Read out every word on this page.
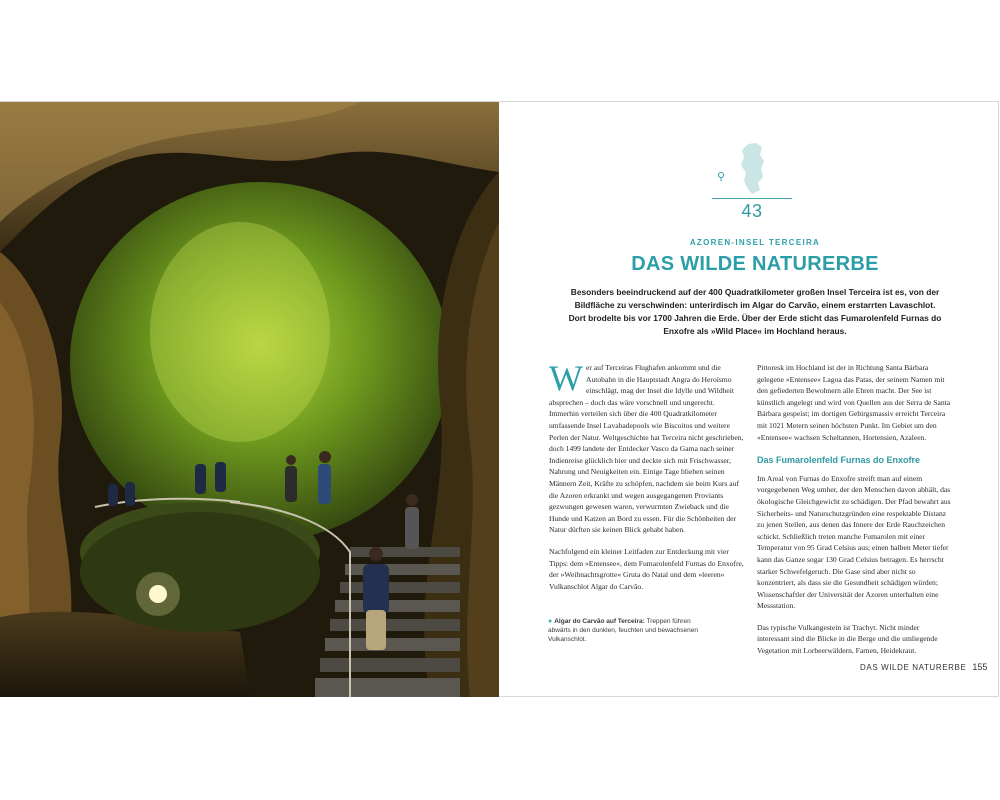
● Algar do Carvão auf Terceira: Treppen führen abwärts in den dunklen, feuchten und bewachsenen Vulkanschlot.
⚲
43
AZOREN-INSEL TERCEIRA
DAS WILDE NATURERBE
Besonders beeindruckend auf der 400 Quadratkilometer großen Insel Terceira ist es, von der Bildfläche zu verschwinden: unterirdisch im Algar do Carvão, einem erstarrten Lavaschlot. Dort brodelte bis vor 1700 Jahren die Erde. Über der Erde sticht das Fumarolenfeld Furnas do Enxofre als »Wild Place« im Hochland heraus.

Wer auf Terceiras Flughafen ankommt und die Autobahn in die Hauptstadt Angra do Heroísmo einschlägt, mag der Insel die Idylle und Wildheit absprechen – doch das wäre vorschnell und ungerecht. Immerhin verteilen sich über die 400 Quadratkilometer umfassende Insel Lavabadepools wie Biscoitos und weitere Perlen der Natur. Weltgeschichte hat Terceira nicht geschrieben, doch 1499 landete der Entdecker Vasco da Gama nach seiner Indienreise glücklich hier und deckte sich mit Frischwasser, Nahrung und Neuigkeiten ein. Einige Tage blieben seinen Männern Zeit, Kräfte zu schöpfen, nachdem sie beim Kurs auf die Azoren erkrankt und wegen ausgegangenen Proviants gezwungen gewesen waren, verwurmten Zwieback und die Hunde und Katzen an Bord zu essen. Für die Schönheiten der Natur dürften sie keinen Blick gehabt haben.

Nachfolgend ein kleiner Leitfaden zur Entdeckung mit vier Tipps: dem »Entensee«, dem Fumarolenfeld Furnas do Enxofre, der »Weihnachtsgrotte« Gruta do Natal und dem »leeren« Vulkanschlot Algar do Carvão.

Pittoresk im Hochland ist der in Richtung Santa Bárbara gelegene »Entensee« Lagoa das Patas, der seinem Namen mit den gefiederten Bewohnern alle Ehren macht. Der See ist künstlich angelegt und wird von Quellen aus der Serra de Santa Bárbara gespeist; im dortigen Gebirgsmassiv erreicht Terceira mit 1021 Metern seinen höchsten Punkt. Im Gebiet um den »Entensee« wachsen Scheltannen, Hortensien, Azaleen.

Das Fumarolenfeld Furnas do Enxofre

Im Areal von Furnas do Enxofre streift man auf einem vorgegebenen Weg umher, der den Menschen davon abhält, das ökologische Gleichgewicht zu schädigen. Der Pfad bewahrt aus Sicherheits- und Naturschutzgründen eine respektable Distanz zu jenen Stellen, aus denen das Innere der Erde Rauchzeichen schickt. Schließlich treten manche Fumarolen mit einer Temperatur von 95 Grad Celsius aus; einen halben Meter tiefer kann das Ganze sogar 130 Grad Celsius betragen. Es herrscht starker Schwefelgeruch. Die Gase sind aber nicht so konzentriert, als dass sie die Gesundheit schädigen würden; Wissenschaftler der Universität der Azoren unterhalten eine Messstation.

Das typische Vulkangestein ist Trachyt. Nicht minder interessant sind die Blicke in die Berge und die umliegende Vegetation mit Lorbeerwäldern, Farnen, Heidekraut.

DAS WILDE NATURERBE 155
